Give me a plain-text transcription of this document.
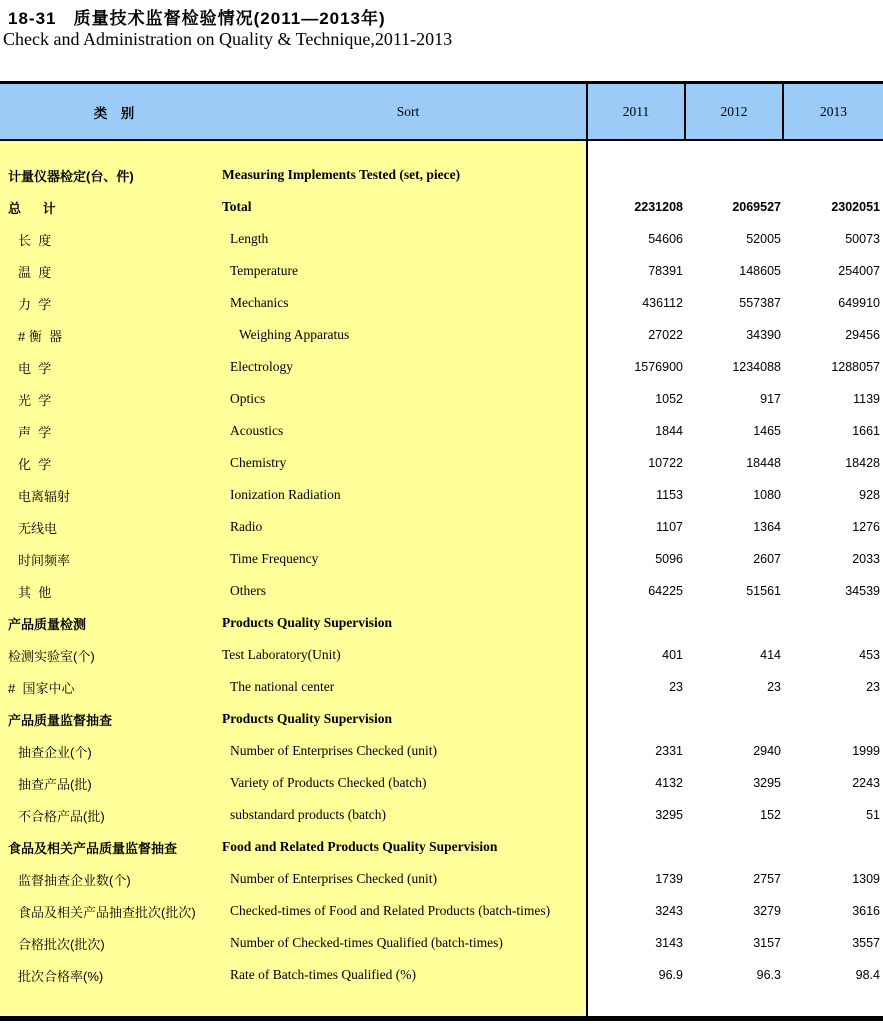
18-31   质量技术监督检验情况(2011—2013年)
Check and Administration on Quality & Technique,2011-2013
类  别	Sort	2011	2012	2013
计量仪器检定(台、件)	Measuring Implements Tested (set, piece)
总      计	Total	2231208	2069527	2302051
长  度	Length	54606	52005	50073
温  度	Temperature	78391	148605	254007
力  学	Mechanics	436112	557387	649910
# 衡  器	Weighing Apparatus	27022	34390	29456
电  学	Electrology	1576900	1234088	1288057
光  学	Optics	1052	917	1139
声  学	Acoustics	1844	1465	1661
化  学	Chemistry	10722	18448	18428
电离辐射	Ionization Radiation	1153	1080	928
无线电	Radio	1107	1364	1276
时间频率	Time Frequency	5096	2607	2033
其  他	Others	64225	51561	34539
产品质量检测	Products Quality Supervision
检测实验室(个)	Test Laboratory(Unit)	401	414	453
#  国家中心	The national center	23	23	23
产品质量监督抽查	Products Quality Supervision
抽查企业(个)	Number of Enterprises Checked (unit)	2331	2940	1999
抽查产品(批)	Variety of Products Checked (batch)	4132	3295	2243
不合格产品(批)	substandard products (batch)	3295	152	51
食品及相关产品质量监督抽查	Food and Related Products Quality Supervision
监督抽查企业数(个)	Number of Enterprises Checked (unit)	1739	2757	1309
食品及相关产品抽查批次(批次)	Checked-times of Food and Related Products (batch-times)	3243	3279	3616
合格批次(批次)	Number of Checked-times Qualified (batch-times)	3143	3157	3557
批次合格率(%)	Rate of Batch-times Qualified (%)	96.9	96.3	98.4
